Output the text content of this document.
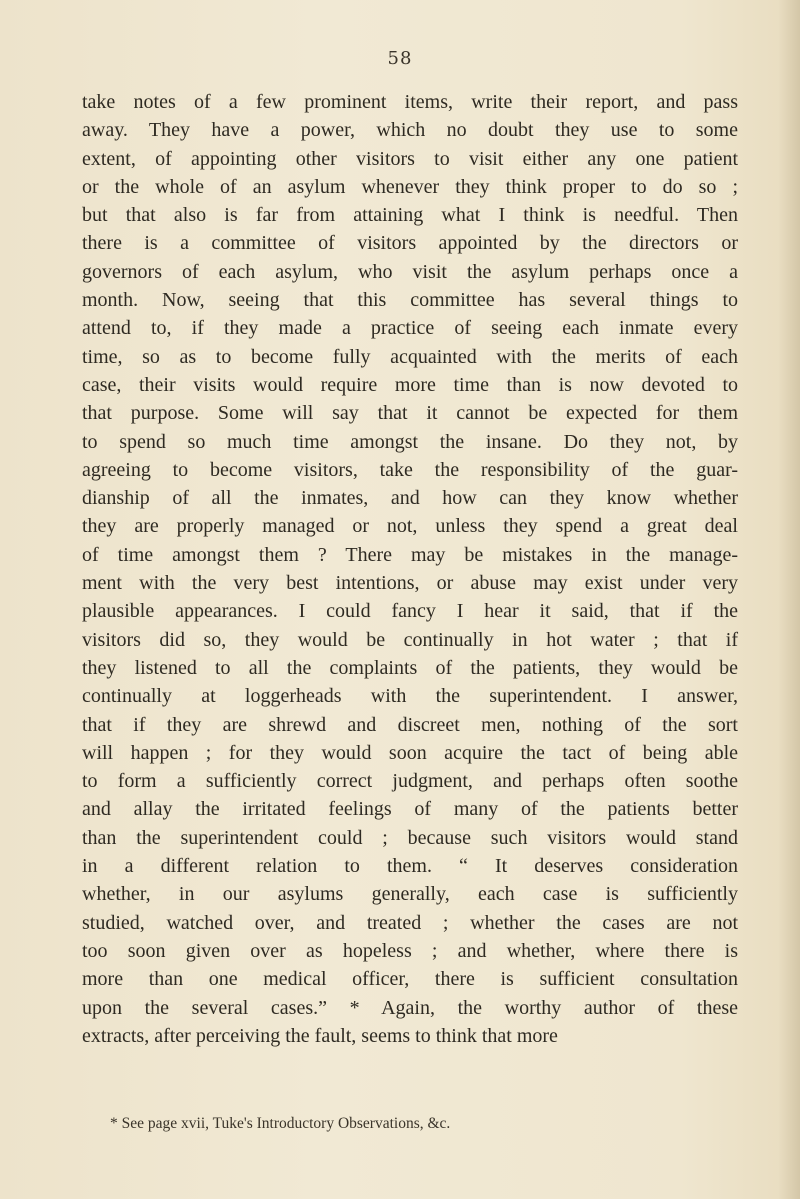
58
take notes of a few prominent items, write their report, and pass
away. They have a power, which no doubt they use to some
extent, of appointing other visitors to visit either any one patient
or the whole of an asylum whenever they think proper to do so ;
but that also is far from attaining what I think is needful. Then
there is a committee of visitors appointed by the directors or
governors of each asylum, who visit the asylum perhaps once a
month. Now, seeing that this committee has several things to
attend to, if they made a practice of seeing each inmate every
time, so as to become fully acquainted with the merits of each
case, their visits would require more time than is now devoted to
that purpose. Some will say that it cannot be expected for them
to spend so much time amongst the insane. Do they not, by
agreeing to become visitors, take the responsibility of the guar-
dianship of all the inmates, and how can they know whether
they are properly managed or not, unless they spend a great deal
of time amongst them ? There may be mistakes in the manage-
ment with the very best intentions, or abuse may exist under very
plausible appearances. I could fancy I hear it said, that if the
visitors did so, they would be continually in hot water ; that if
they listened to all the complaints of the patients, they would be
continually at loggerheads with the superintendent. I answer,
that if they are shrewd and discreet men, nothing of the sort
will happen ; for they would soon acquire the tact of being able
to form a sufficiently correct judgment, and perhaps often soothe
and allay the irritated feelings of many of the patients better
than the superintendent could ; because such visitors would stand
in a different relation to them. “ It deserves consideration
whether, in our asylums generally, each case is sufficiently
studied, watched over, and treated ; whether the cases are not
too soon given over as hopeless ; and whether, where there is
more than one medical officer, there is sufficient consultation
upon the several cases.” * Again, the worthy author of these
extracts, after perceiving the fault, seems to think that more
* See page xvii, Tuke's Introductory Observations, &c.
